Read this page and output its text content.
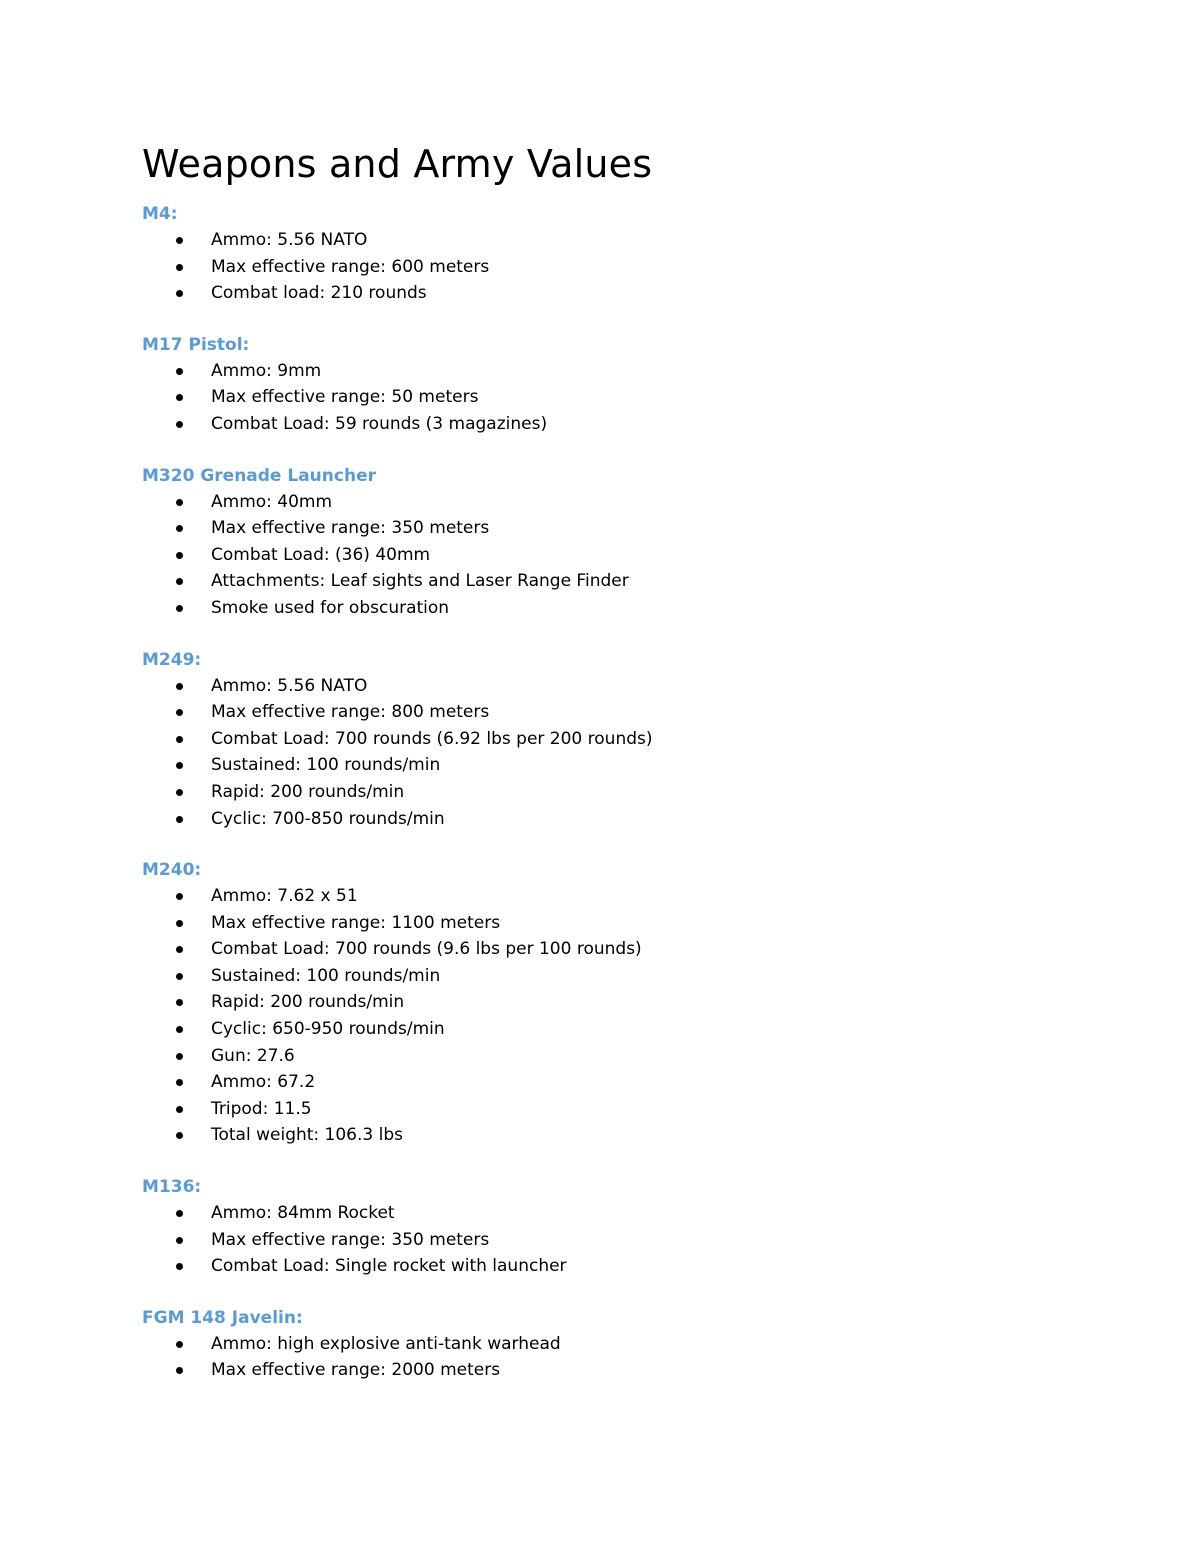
Weapons and Army Values
M4:
Ammo: 5.56 NATO
Max effective range: 600 meters
Combat load: 210 rounds
M17 Pistol:
Ammo: 9mm
Max effective range: 50 meters
Combat Load: 59 rounds (3 magazines)
M320 Grenade Launcher
Ammo: 40mm
Max effective range: 350 meters
Combat Load: (36) 40mm
Attachments: Leaf sights and Laser Range Finder
Smoke used for obscuration
M249:
Ammo: 5.56 NATO
Max effective range: 800 meters
Combat Load: 700 rounds (6.92 lbs per 200 rounds)
Sustained: 100 rounds/min
Rapid: 200 rounds/min
Cyclic: 700-850 rounds/min
M240:
Ammo: 7.62 x 51
Max effective range: 1100 meters
Combat Load: 700 rounds (9.6 lbs per 100 rounds)
Sustained: 100 rounds/min
Rapid: 200 rounds/min
Cyclic: 650-950 rounds/min
Gun: 27.6
Ammo: 67.2
Tripod: 11.5
Total weight: 106.3 lbs
M136:
Ammo: 84mm Rocket
Max effective range: 350 meters
Combat Load: Single rocket with launcher
FGM 148 Javelin:
Ammo: high explosive anti-tank warhead
Max effective range: 2000 meters
